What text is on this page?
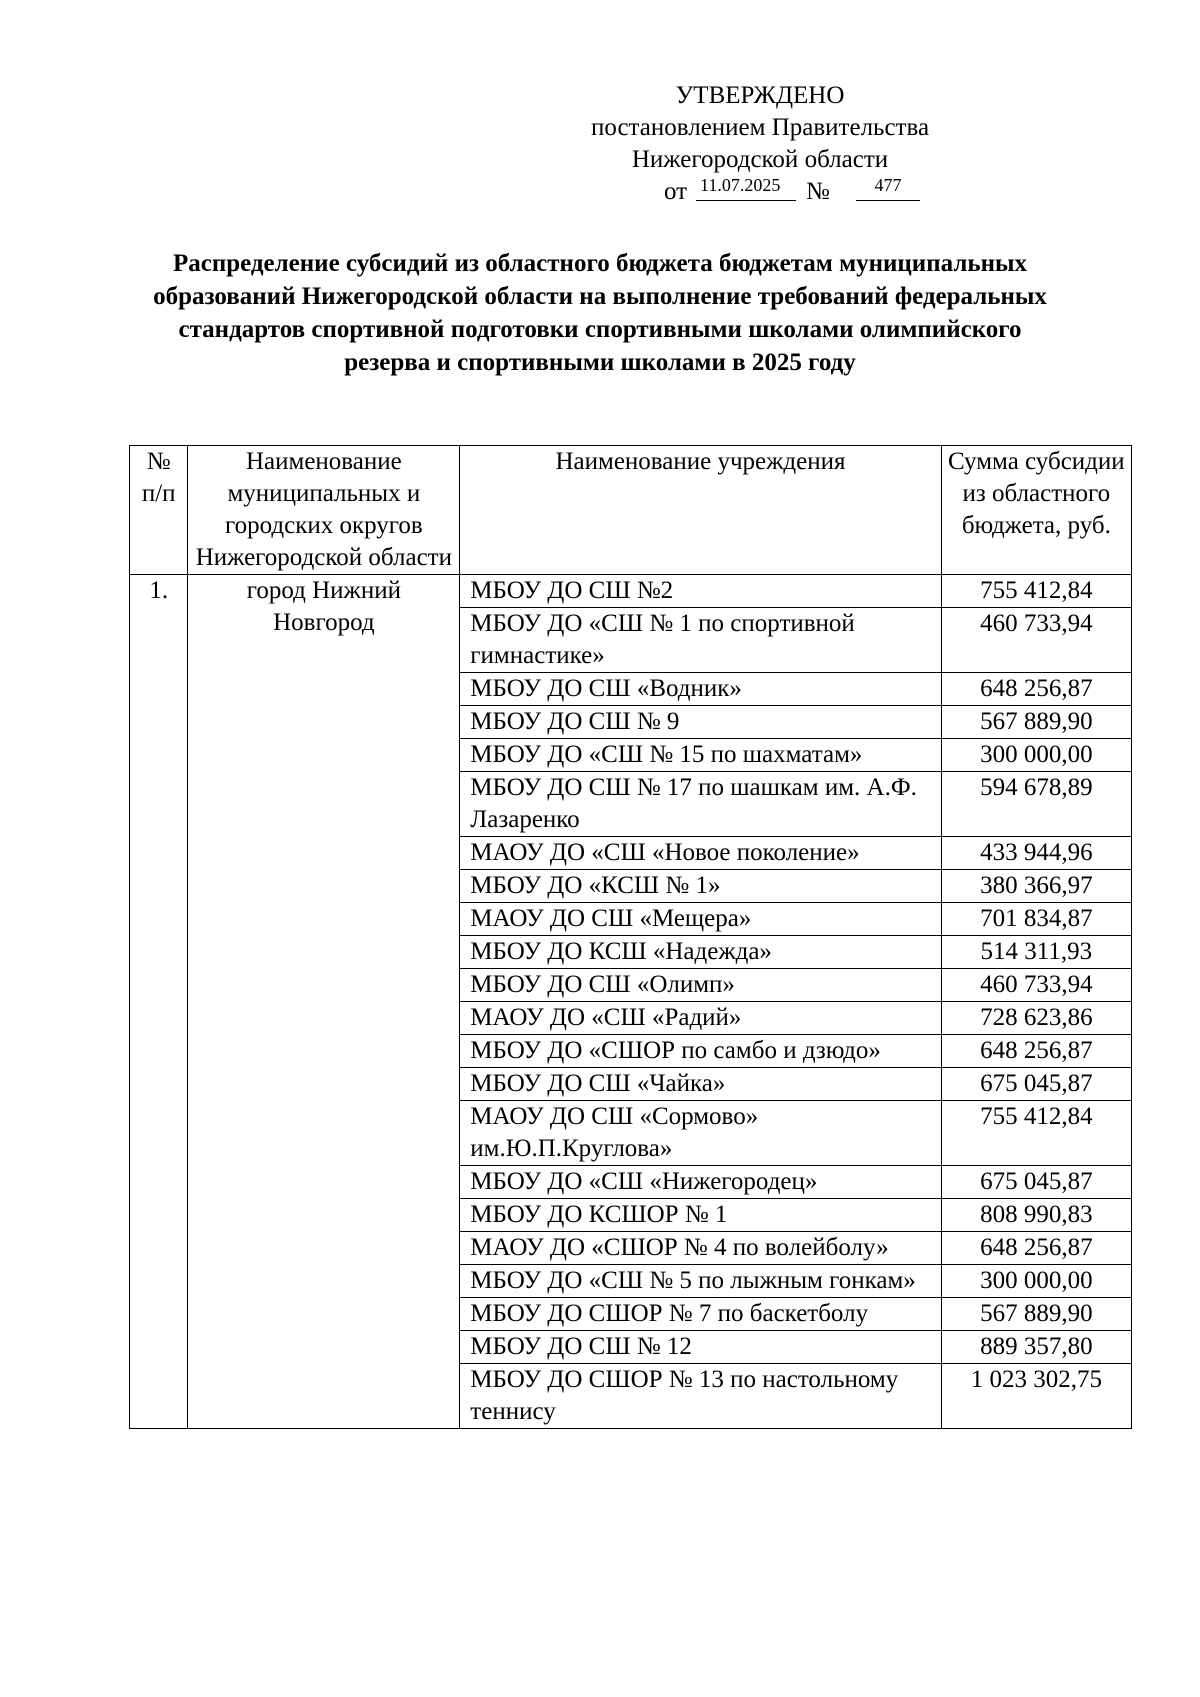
УТВЕРЖДЕНО
постановлением Правительства
Нижегородской области
от 11.07.2025	№	477
Распределение субсидий из областного бюджета бюджетам муниципальных образований Нижегородской области на выполнение требований федеральных стандартов спортивной подготовки спортивными школами олимпийского резерва и спортивными школами в 2025 году
№ п/п	Наименование муниципальных и городских округов Нижегородской области	Наименование учреждения	Сумма субсидии из областного бюджета, руб.
1.	город Нижний Новгород	МБОУ ДО СШ №2	755 412,84
		МБОУ ДО «СШ № 1 по спортивной гимнастике»	460 733,94
		МБОУ ДО СШ «Водник»	648 256,87
		МБОУ ДО СШ № 9	567 889,90
		МБОУ ДО «СШ № 15 по шахматам»	300 000,00
		МБОУ ДО СШ № 17 по шашкам им. А.Ф. Лазаренко	594 678,89
		МАОУ ДО «СШ «Новое поколение»	433 944,96
		МБОУ ДО «КСШ № 1»	380 366,97
		МАОУ ДО СШ «Мещера»	701 834,87
		МБОУ ДО КСШ «Надежда»	514 311,93
		МБОУ ДО СШ «Олимп»	460 733,94
		МАОУ ДО «СШ «Радий»	728 623,86
		МБОУ ДО «СШОР по самбо и дзюдо»	648 256,87
		МБОУ ДО СШ «Чайка»	675 045,87
		МАОУ ДО СШ «Сормово» им.Ю.П.Круглова»	755 412,84
		МБОУ ДО «СШ «Нижегородец»	675 045,87
		МБОУ ДО КСШОР № 1	808 990,83
		МАОУ ДО «СШОР № 4 по волейболу»	648 256,87
		МБОУ ДО «СШ № 5 по лыжным гонкам»	300 000,00
		МБОУ ДО СШОР № 7 по баскетболу	567 889,90
		МБОУ ДО СШ № 12	889 357,80
		МБОУ ДО СШОР № 13 по настольному теннису	1 023 302,75
